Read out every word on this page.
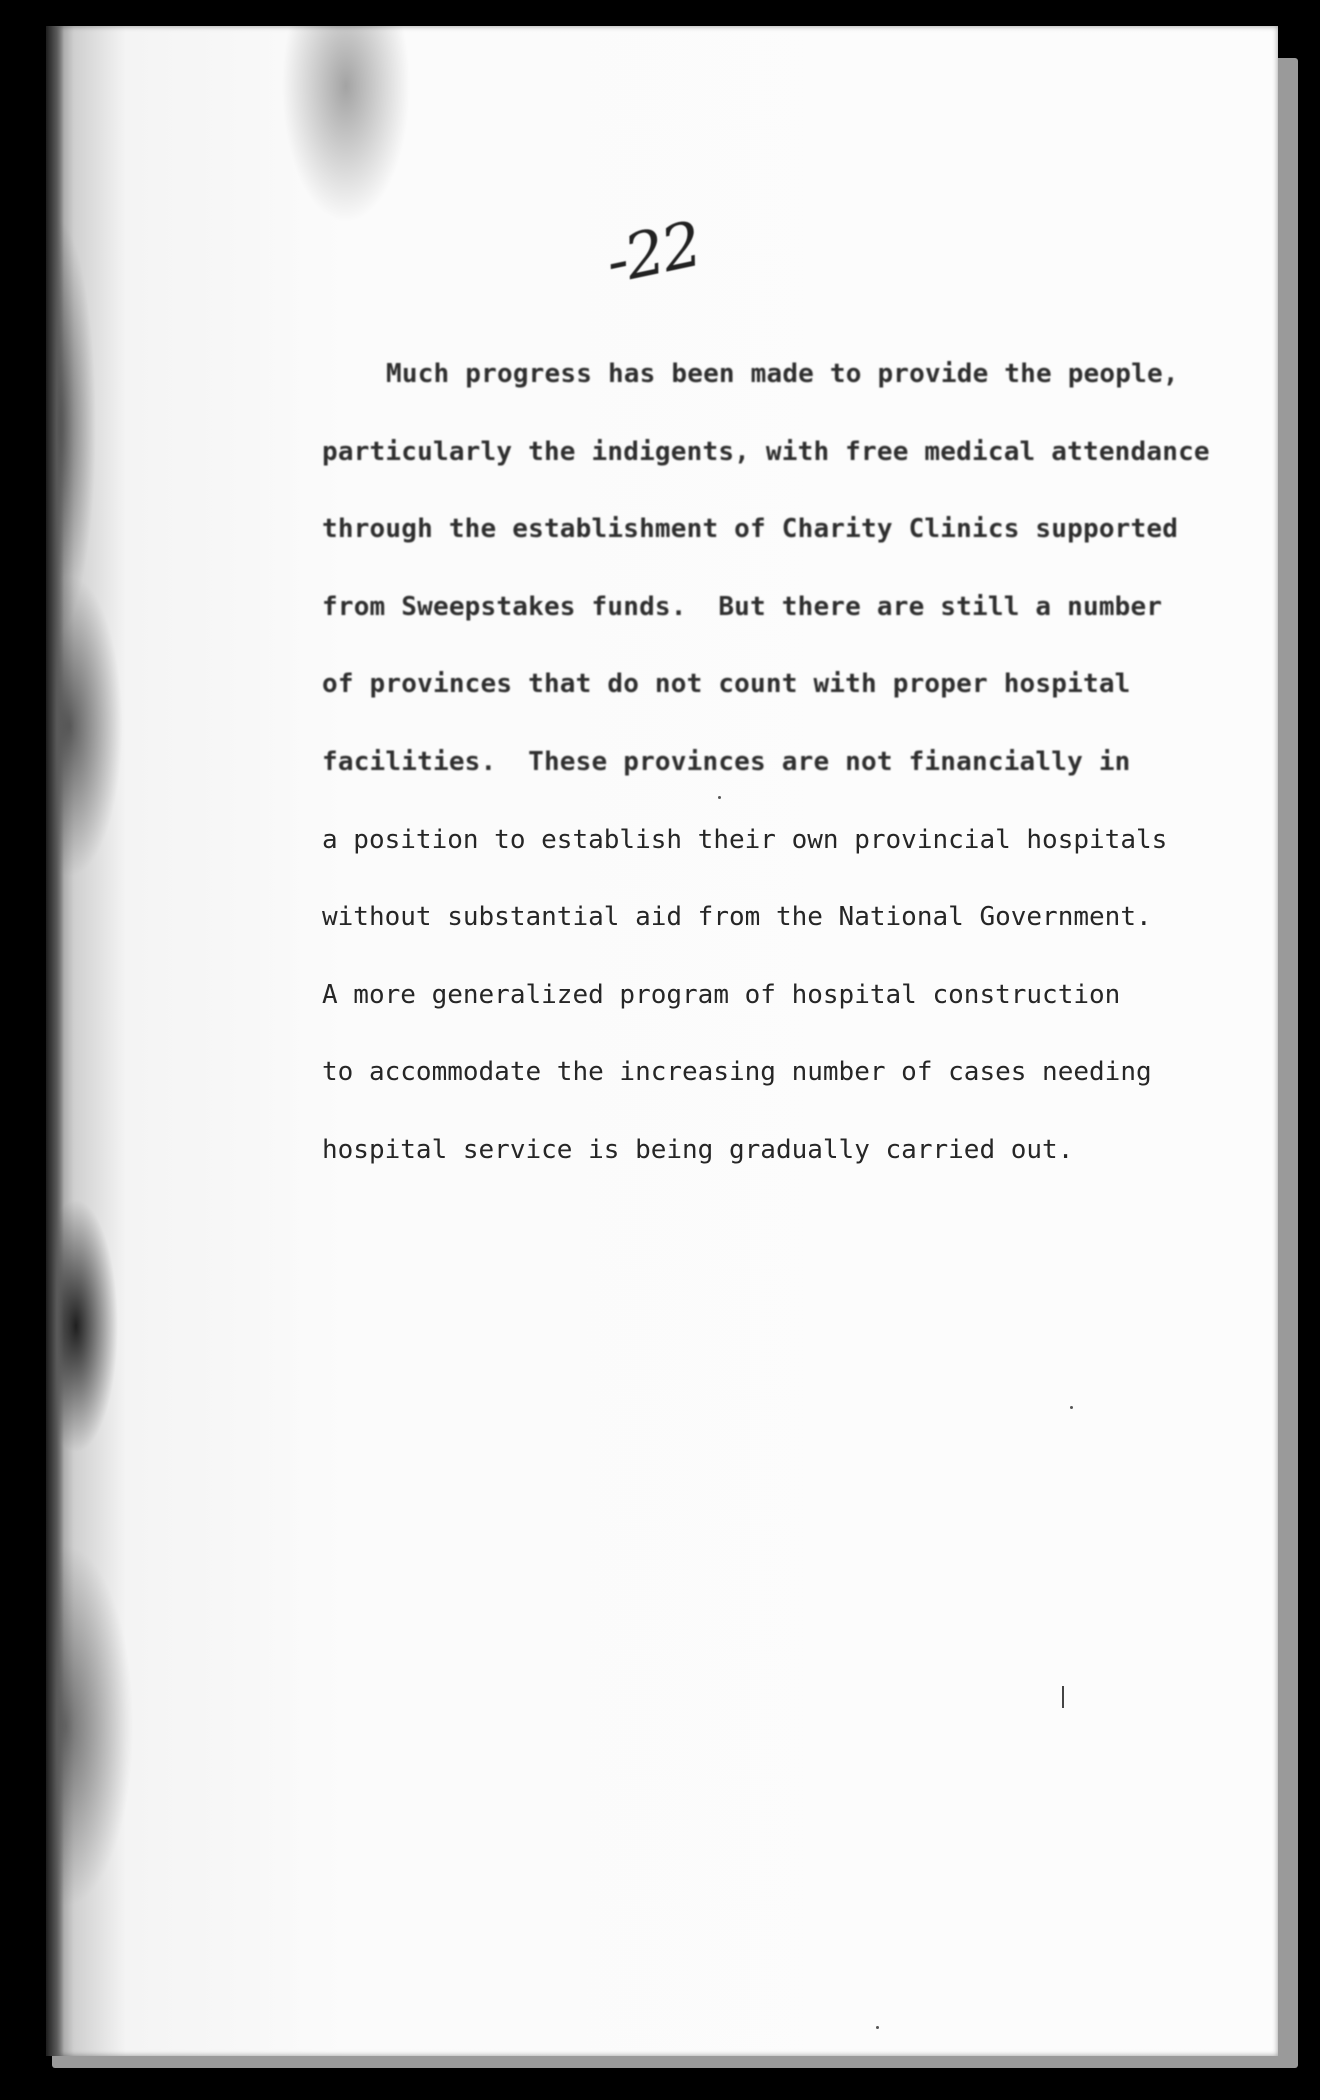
-22
Much progress has been made to provide the people,
particularly the indigents, with free medical attendance
through the establishment of Charity Clinics supported
from Sweepstakes funds.  But there are still a number
of provinces that do not count with proper hospital
facilities.  These provinces are not financially in
a position to establish their own provincial hospitals
without substantial aid from the National Government.
A more generalized program of hospital construction
to accommodate the increasing number of cases needing
hospital service is being gradually carried out.
